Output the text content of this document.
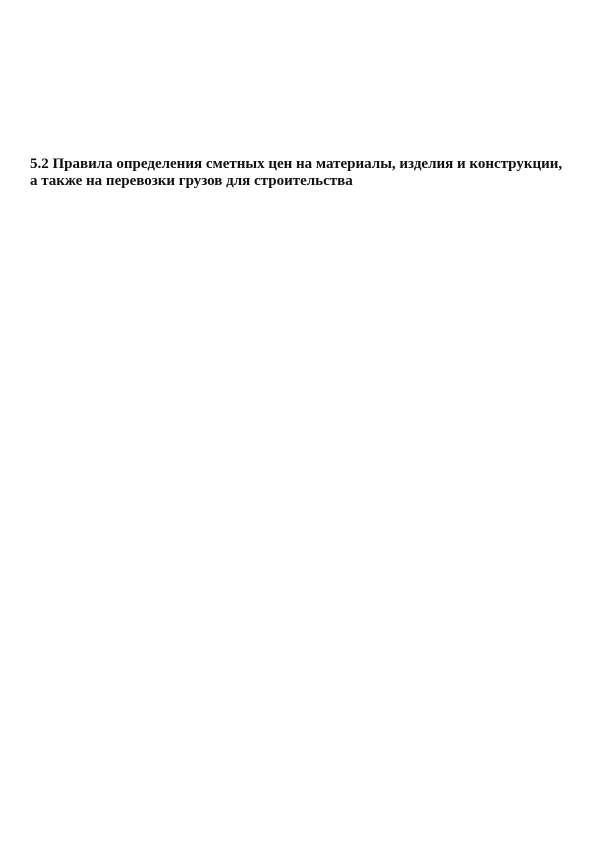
5.2 Правила определения сметных цен на материалы, изделия и конструкции, а также на перевозки грузов для строительства
